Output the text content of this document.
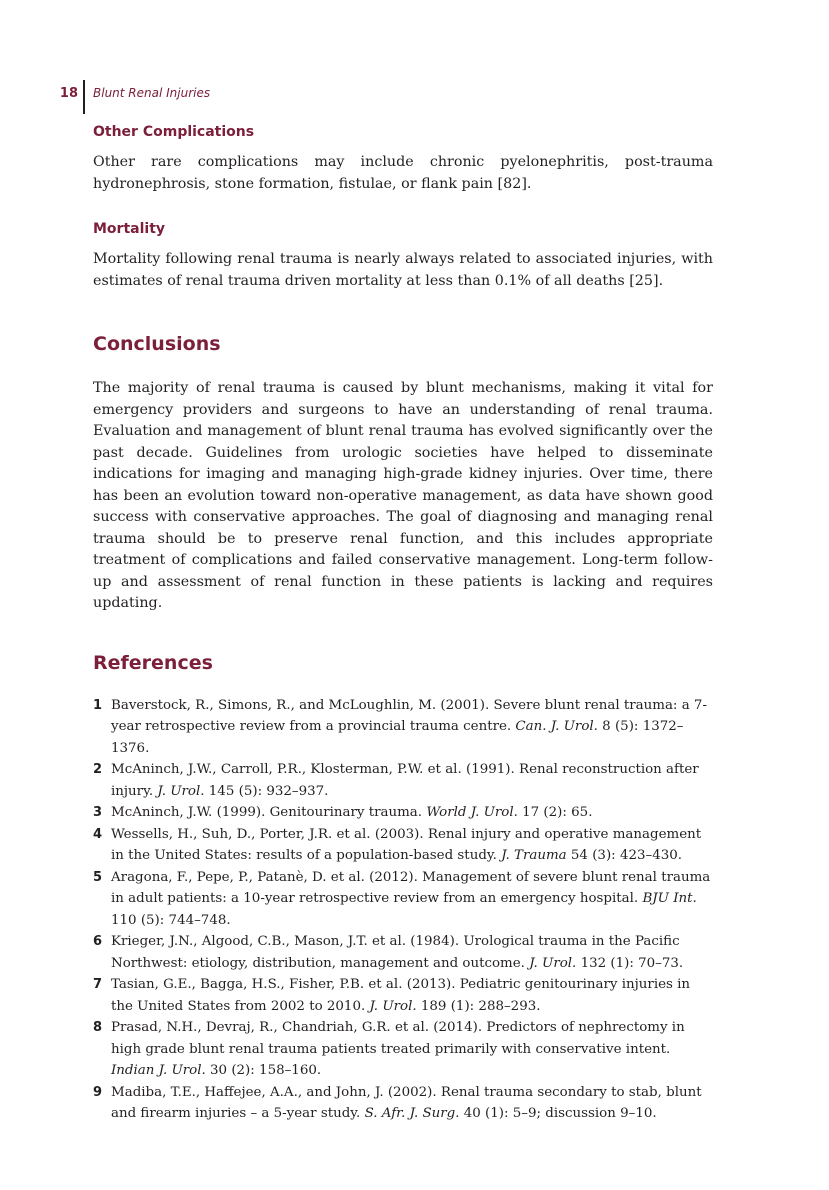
18 Blunt Renal Injuries
Other Complications

Other rare complications may include chronic pyelonephritis, post-trauma hydronephrosis, stone formation, fistulae, or flank pain [82].

Mortality

Mortality following renal trauma is nearly always related to associated injuries, with estimates of renal trauma driven mortality at less than 0.1% of all deaths [25].

Conclusions

The majority of renal trauma is caused by blunt mechanisms, making it vital for emergency providers and surgeons to have an understanding of renal trauma. Evaluation and management of blunt renal trauma has evolved significantly over the past decade. Guidelines from urologic societies have helped to disseminate indications for imaging and managing high-grade kidney injuries. Over time, there has been an evolution toward non-operative management, as data have shown good success with conservative approaches. The goal of diagnosing and managing renal trauma should be to preserve renal function, and this includes appropriate treatment of complications and failed conservative management. Long-term follow-up and assessment of renal function in these patients is lacking and requires updating.

References
1 Baverstock, R., Simons, R., and McLoughlin, M. (2001). Severe blunt renal trauma: a 7-year retrospective review from a provincial trauma centre. Can. J. Urol. 8 (5): 1372–1376.
2 McAninch, J.W., Carroll, P.R., Klosterman, P.W. et al. (1991). Renal reconstruction after injury. J. Urol. 145 (5): 932–937.
3 McAninch, J.W. (1999). Genitourinary trauma. World J. Urol. 17 (2): 65.
4 Wessells, H., Suh, D., Porter, J.R. et al. (2003). Renal injury and operative management in the United States: results of a population-based study. J. Trauma 54 (3): 423–430.
5 Aragona, F., Pepe, P., Patanè, D. et al. (2012). Management of severe blunt renal trauma in adult patients: a 10-year retrospective review from an emergency hospital. BJU Int. 110 (5): 744–748.
6 Krieger, J.N., Algood, C.B., Mason, J.T. et al. (1984). Urological trauma in the Pacific Northwest: etiology, distribution, management and outcome. J. Urol. 132 (1): 70–73.
7 Tasian, G.E., Bagga, H.S., Fisher, P.B. et al. (2013). Pediatric genitourinary injuries in the United States from 2002 to 2010. J. Urol. 189 (1): 288–293.
8 Prasad, N.H., Devraj, R., Chandriah, G.R. et al. (2014). Predictors of nephrectomy in high grade blunt renal trauma patients treated primarily with conservative intent. Indian J. Urol. 30 (2): 158–160.
9 Madiba, T.E., Haffejee, A.A., and John, J. (2002). Renal trauma secondary to stab, blunt and firearm injuries – a 5-year study. S. Afr. J. Surg. 40 (1): 5–9; discussion 9–10.
